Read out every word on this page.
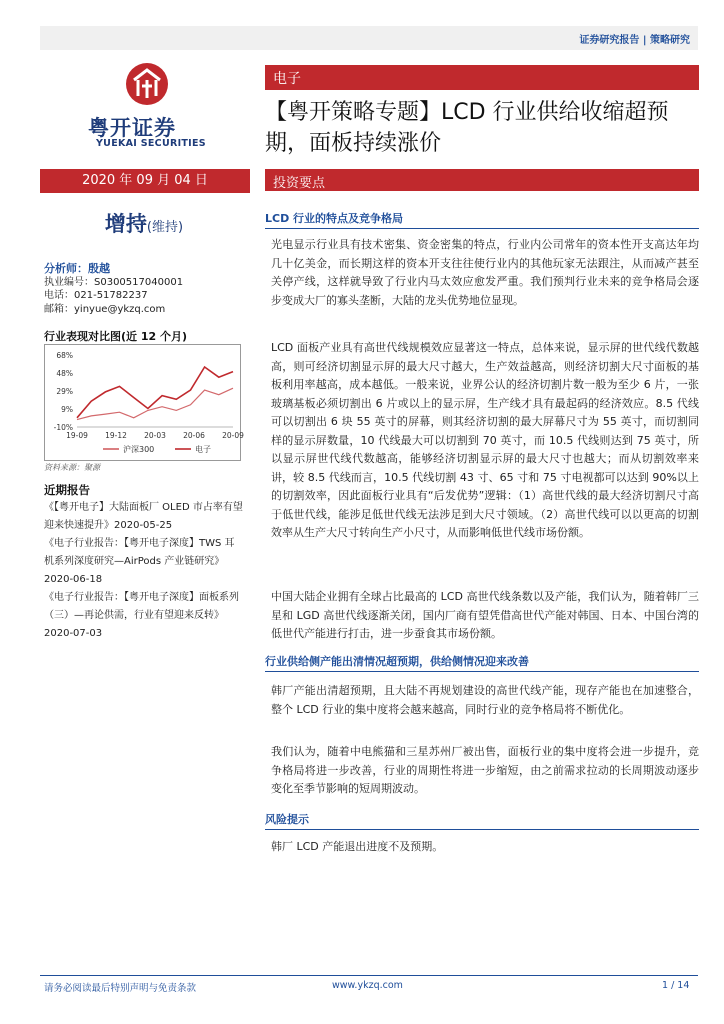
证券研究报告 | 策略研究
粤开证券
YUEKAI SECURITIES
电子
【粤开策略专题】LCD 行业供给收缩超预期，面板持续涨价
2020 年 09 月 04 日	投资要点
增持(维持)
分析师：殷越
执业编号：S0300517040001
电话：021-51782237
邮箱：yinyue@ykzq.com
行业表现对比图(近 12 个月)
68%
48%
29%
9%
-10%
19-09 19-12 20-03 20-06 20-09
沪深300	电子
资料来源：聚源
近期报告

《【粤开电子】大陆面板厂 OLED 市占率有望迎来快速提升》2020-05-25

《电子行业报告：【粤开电子深度】TWS 耳机系列深度研究—AirPods 产业链研究》2020-06-18

《电子行业报告：【粤开电子深度】面板系列（三）—再论供需，行业有望迎来反转》2020-07-03

LCD 行业的特点及竞争格局

光电显示行业具有技术密集、资金密集的特点，行业内公司常年的资本性开支高达年均几十亿美金，而长期这样的资本开支往往使行业内的其他玩家无法跟注，从而减产甚至关停产线，这样就导致了行业内马太效应愈发严重。我们预判行业未来的竞争格局会逐步变成大厂的寡头垄断，大陆的龙头优势地位显现。

LCD 面板产业具有高世代线规模效应显著这一特点，总体来说，显示屏的世代线代数越高，则可经济切割显示屏的最大尺寸越大，生产效益越高，则经济切割大尺寸面板的基板利用率越高，成本越低。一般来说，业界公认的经济切割片数一般为至少 6 片，一张玻璃基板必须切割出 6 片或以上的显示屏，生产线才具有最起码的经济效应。8.5 代线可以切割出 6 块 55 英寸的屏幕，则其经济切割的最大屏幕尺寸为 55 英寸，而切割同样的显示屏数量，10 代线最大可以切割到 70 英寸，而 10.5 代线则达到 75 英寸，所以显示屏世代线代数越高，能够经济切割显示屏的最大尺寸也越大；而从切割效率来讲，较 8.5 代线而言，10.5 代线切割 43 寸、65 寸和 75 寸电视都可以达到 90%以上的切割效率，因此面板行业具有“后发优势”逻辑：（1）高世代线的最大经济切割尺寸高于低世代线，能涉足低世代线无法涉足到大尺寸领域。（2）高世代线可以以更高的切割效率从生产大尺寸转向生产小尺寸，从而影响低世代线市场份额。

中国大陆企业拥有全球占比最高的 LCD 高世代线条数以及产能，我们认为，随着韩厂三星和 LGD 高世代线逐渐关闭，国内厂商有望凭借高世代产能对韩国、日本、中国台湾的低世代产能进行打击，进一步蚕食其市场份额。

行业供给侧产能出清情况超预期，供给侧情况迎来改善

韩厂产能出清超预期，且大陆不再规划建设的高世代线产能，现存产能也在加速整合，整个 LCD 行业的集中度将会越来越高，同时行业的竞争格局将不断优化。

我们认为，随着中电熊猫和三星苏州厂被出售，面板行业的集中度将会进一步提升，竞争格局将进一步改善，行业的周期性将进一步缩短，由之前需求拉动的长周期波动逐步变化至季节影响的短周期波动。

风险提示

韩厂 LCD 产能退出进度不及预期。

请务必阅读最后特别声明与免责条款	www.ykzq.com	1 / 14
